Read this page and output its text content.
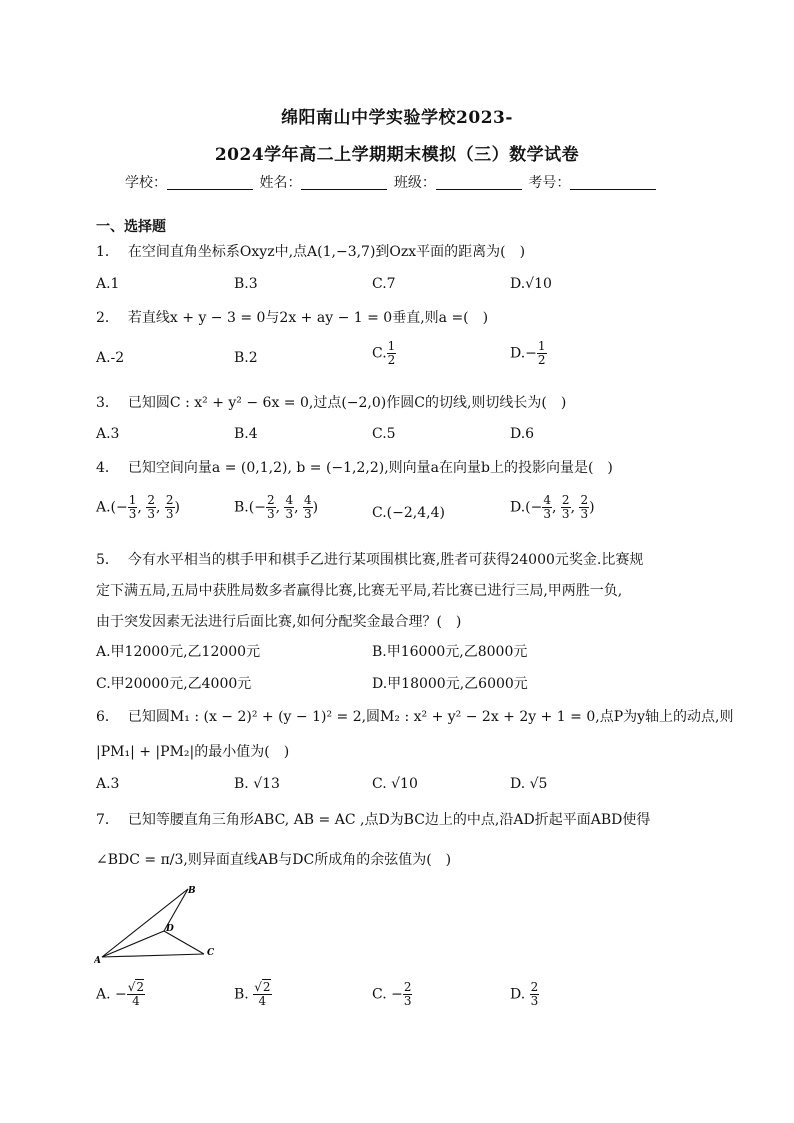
绵阳南山中学实验学校2023-
2024学年高二上学期期末模拟（三）数学试卷
学校：	姓名：	班级：	考号：
一、选择题
1． 在空间直角坐标系Oxyz中,点A(1,−3,7)到Ozx平面的距离为(　)
A.1	B.3	C.7	D.√10
2． 若直线x + y − 3 = 0与2x + ay − 1 = 0垂直,则a =(　)
A.-2	B.2	C. $\frac{1}{2}$	$D.- \frac{1}{2}$
3． 已知圆C : x² + y² − 6x = 0,过点(−2,0)作圆C的切线,则切线长为(　)
A.3	B.4	C.5	D.6
4． 已知空间向量a = (0,1,2), b = (−1,2,2),则向量a在向量b上的投影向量是(　)
$A.(- \frac{1}{3}$ , $\frac{2}{3}$ , $\frac{2}{3}$ )	$B.(- \frac{2}{3}$ , $\frac{4}{3}$ , $\frac{4}{3}$ )	C.(−2,4,4)	$D.(- \frac{4}{3}$ , $\frac{2}{3}$ , $\frac{2}{3}$ )
5． 今有水平相当的棋手甲和棋手乙进行某项围棋比赛,胜者可获得24000元奖金.比赛规
定下满五局,五局中获胜局数多者赢得比赛,比赛无平局,若比赛已进行三局,甲两胜一负,
由于突发因素无法进行后面比赛,如何分配奖金最合理？(　)
A.甲12000元,乙12000元	B.甲16000元,乙8000元
C.甲20000元,乙4000元	D.甲18000元,乙6000元
6． 已知圆M₁ : (x − 2)² + (y − 1)² = 2,圆M₂ : x² + y² − 2x + 2y + 1 = 0,点P为y轴上的动点,则
|PM₁| + |PM₂|的最小值为(　)
A.3	B. √13	C. √10	D. √5
7． 已知等腰直角三角形ABC, AB = AC ,点D为BC边上的中点,沿AD折起平面ABD使得
∠BDC = π/3,则异面直线AB与DC所成角的余弦值为(　)
B
D
C
A
A. − $\frac{√2}{4}$	B. $\frac{√2}{4}$	C. − $\frac{2}{3}$	D. $\frac{2}{3}$
